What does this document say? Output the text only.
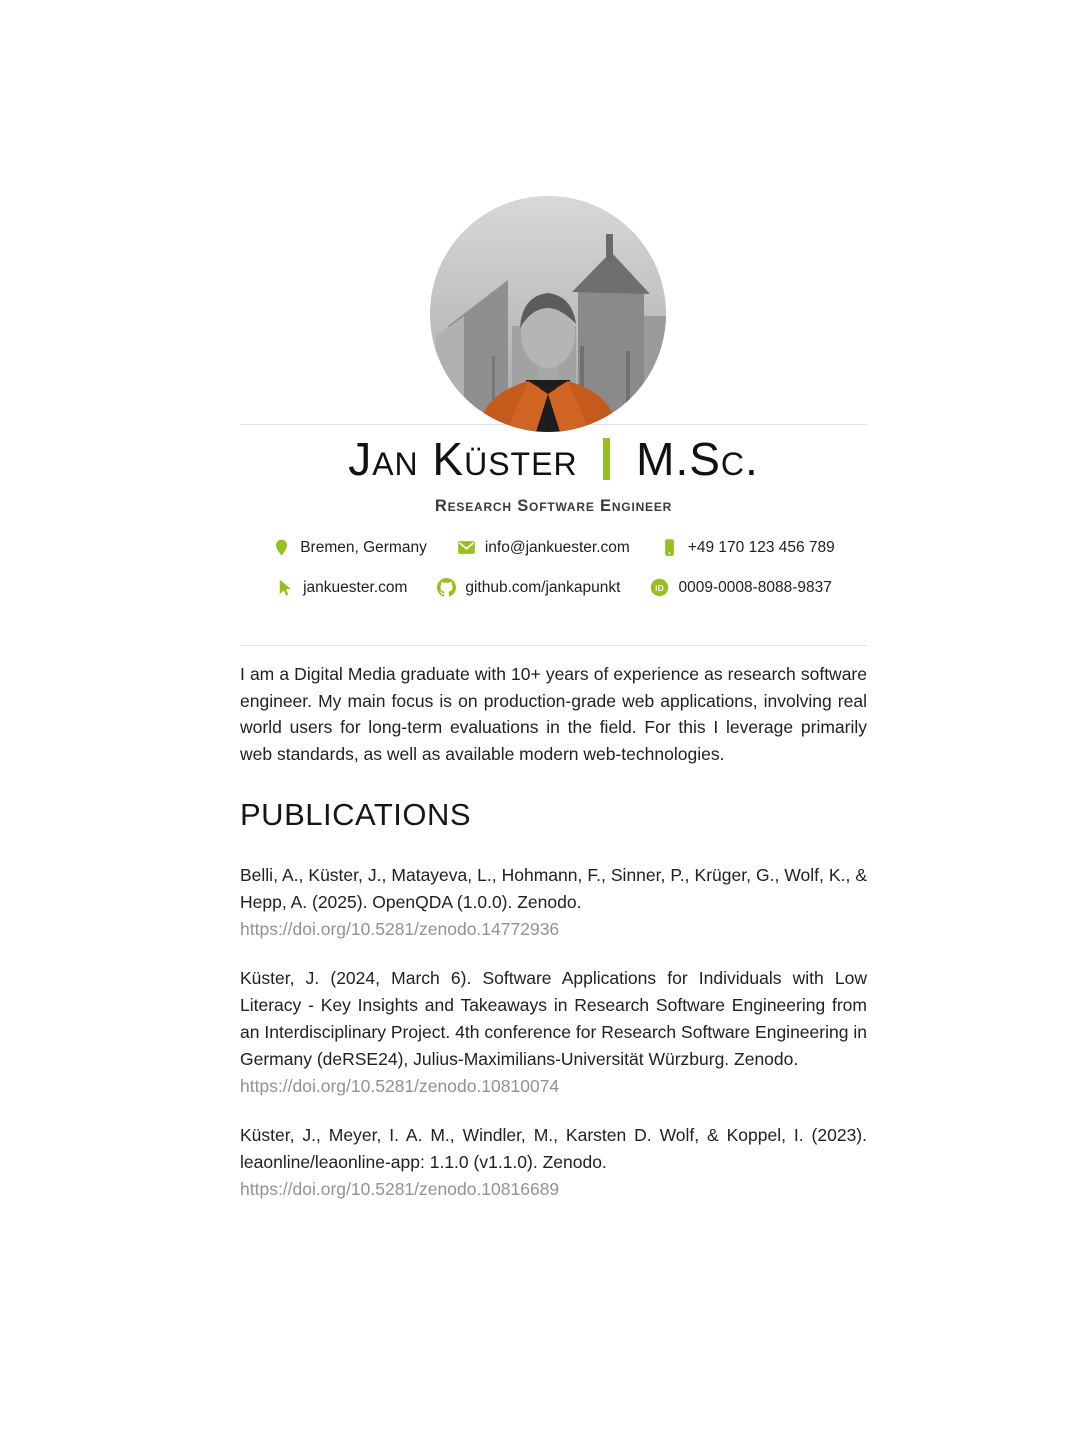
Jan Küster M.Sc.
Research Software Engineer
Bremen, Germany	info@jankuester.com	+49 170 123 456 789
jankuester.com	github.com/jankapunkt	iD 0009-0008-8088-9837

I am a Digital Media graduate with 10+ years of experience as research software engineer. My main focus is on production-grade web applications, involving real world users for long-term evaluations in the field. For this I leverage primarily web standards, as well as available modern web-technologies.

PUBLICATIONS

Belli, A., Küster, J., Matayeva, L., Hohmann, F., Sinner, P., Krüger, G., Wolf, K., & Hepp, A. (2025). OpenQDA (1.0.0). Zenodo.

https://doi.org/10.5281/zenodo.14772936

Küster, J. (2024, March 6). Software Applications for Individuals with Low Literacy - Key Insights and Takeaways in Research Software Engineering from an Interdisciplinary Project. 4th conference for Research Software Engineering in Germany (deRSE24), Julius-Maximilians-Universität Würzburg. Zenodo.

https://doi.org/10.5281/zenodo.10810074

Küster, J., Meyer, I. A. M., Windler, M., Karsten D. Wolf, & Koppel, I. (2023). leaonline/leaonline-app: 1.1.0 (v1.1.0). Zenodo.

https://doi.org/10.5281/zenodo.10816689
